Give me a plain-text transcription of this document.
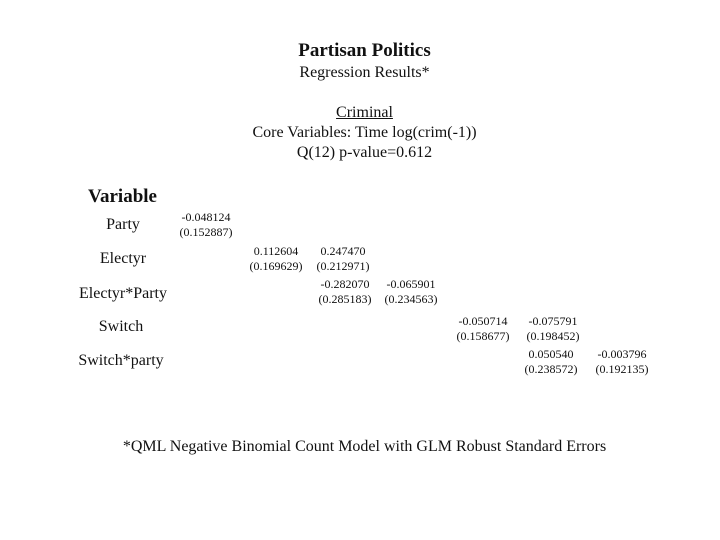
Partisan Politics
Regression Results*
Criminal
Core Variables: Time log(crim(-1))
Q(12) p-value=0.612
Variable
Party
Electyr
Electyr*Party
Switch
Switch*party
-0.048124
(0.152887)
0.112604
(0.169629)
0.247470
(0.212971)
-0.282070
(0.285183)
-0.065901
(0.234563)
-0.050714
(0.158677)
-0.075791
(0.198452)
0.050540
(0.238572)
-0.003796
(0.192135)
*QML Negative Binomial Count Model with GLM Robust Standard Errors
